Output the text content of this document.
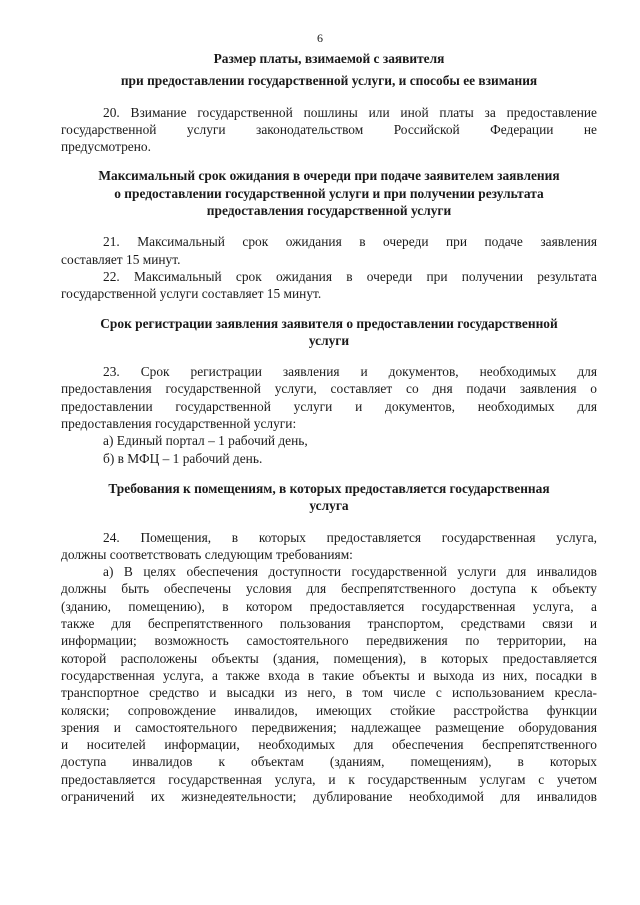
6
Размер платы, взимаемой с заявителя
при предоставлении государственной услуги, и способы ее взимания

20. Взимание государственной пошлины или иной платы за предоставление

государственной услуги законодательством Российской Федерации не

предусмотрено.

Максимальный срок ожидания в очереди при подаче заявителем заявления
о предоставлении государственной услуги и при получении результата
предоставления государственной услуги

21. Максимальный срок ожидания в очереди при подаче заявления

составляет 15 минут.

22. Максимальный срок ожидания в очереди при получении результата

государственной услуги составляет 15 минут.

Срок регистрации заявления заявителя о предоставлении государственной
услуги

23. Срок регистрации заявления и документов, необходимых для

предоставления государственной услуги, составляет со дня подачи заявления о

предоставлении государственной услуги и документов, необходимых для

предоставления государственной услуги:

а) Единый портал – 1 рабочий день,

б) в МФЦ – 1 рабочий день.

Требования к помещениям, в которых предоставляется государственная
услуга

24. Помещения, в которых предоставляется государственная услуга,

должны соответствовать следующим требованиям:

а) В целях обеспечения доступности государственной услуги для инвалидов

должны быть обеспечены условия для беспрепятственного доступа к объекту

(зданию, помещению), в котором предоставляется государственная услуга, а

также для беспрепятственного пользования транспортом, средствами связи и

информации; возможность самостоятельного передвижения по территории, на

которой расположены объекты (здания, помещения), в которых предоставляется

государственная услуга, а также входа в такие объекты и выхода из них, посадки в

транспортное средство и высадки из него, в том числе с использованием кресла-

коляски; сопровождение инвалидов, имеющих стойкие расстройства функции

зрения и самостоятельного передвижения; надлежащее размещение оборудования

и носителей информации, необходимых для обеспечения беспрепятственного

доступа инвалидов к объектам (зданиям, помещениям), в которых

предоставляется государственная услуга, и к государственным услугам с учетом

ограничений их жизнедеятельности; дублирование необходимой для инвалидов
